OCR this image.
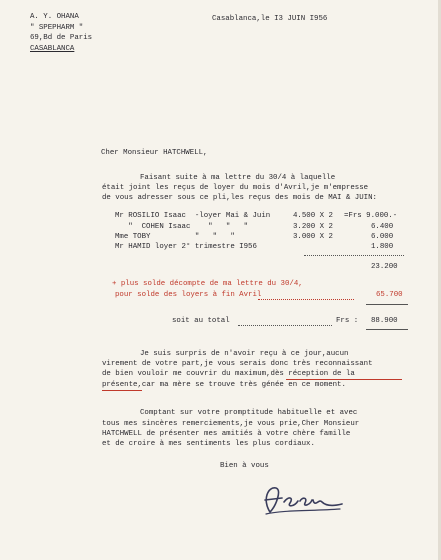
A. Y. OHANA
" SPEPHARM "
69,Bd de Paris
CASABLANCA
Casablanca,le I3 JUIN I956
Cher Monsieur HATCHWELL,
Faisant suite à ma lettre du 30/4 à laquelle
était joint les reçus de loyer du mois d'Avril,je m'empresse
de vous adresser sous ce pli,les reçus des mois de MAI & JUIN:
Mr ROSILIO Isaac  -loyer Mai & Juin	4.500 X 2 =Frs 9.000.-
"  COHEN Isaac    "   "   "	3.200 X 2	6.400
Mme TOBY          "   "   "	3.000 X 2	6.000
Mr HAMID loyer 2° trimestre I956	1.800
23.200
+ plus solde décompte de ma lettre du 30/4,
pour solde des loyers à fin Avril	65.700
soit au total	Frs : 88.900
Je suis surpris de n'avoir reçu à ce jour,aucun
virement de votre part,je vous serais donc très reconnaissant
de bien vouloir me couvrir du maximum,dès réception de la
présente,car ma mère se trouve très génée en ce moment.
Comptant sur votre promptitude habituelle et avec
tous mes sincères remerciements,je vous prie,Cher Monsieur
HATCHWELL de présenter mes amitiés à votre chère famille
et de croire à mes sentiments les plus cordiaux.
Bien à vous
